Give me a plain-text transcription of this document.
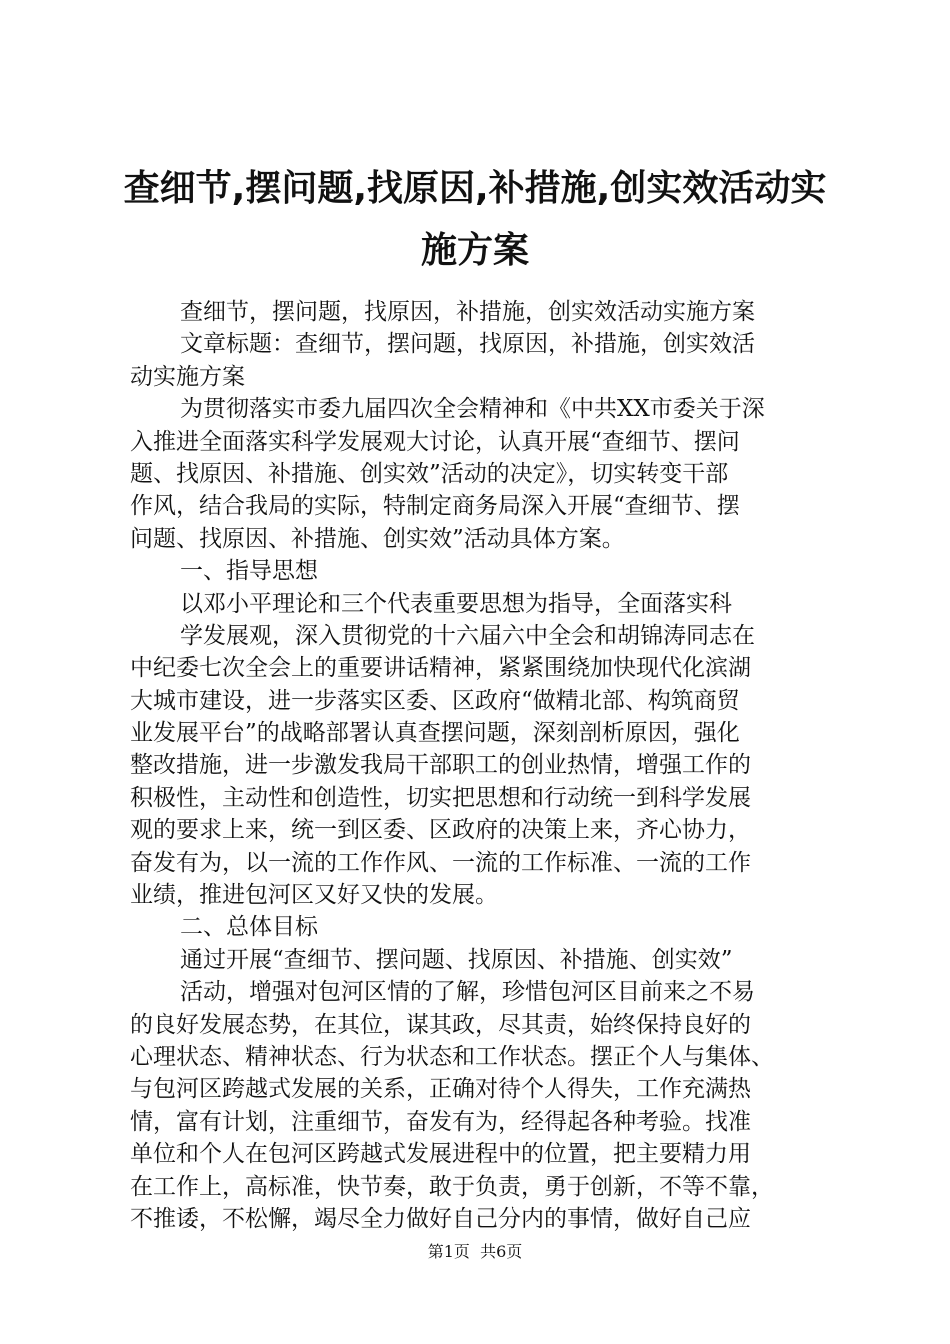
查细节,摆问题,找原因,补措施,创实效活动实
施方案
查细节，摆问题，找原因，补措施，创实效活动实施方案
文章标题：查细节，摆问题，找原因，补措施，创实效活
动实施方案
为贯彻落实市委九届四次全会精神和《中共XX市委关于深
入推进全面落实科学发展观大讨论，认真开展“查细节、摆问
题、找原因、补措施、创实效”活动的决定》，切实转变干部
作风，结合我局的实际，特制定商务局深入开展“查细节、摆
问题、找原因、补措施、创实效”活动具体方案。
一、指导思想
以邓小平理论和三个代表重要思想为指导，全面落实科
学发展观，深入贯彻党的十六届六中全会和胡锦涛同志在
中纪委七次全会上的重要讲话精神，紧紧围绕加快现代化滨湖
大城市建设，进一步落实区委、区政府“做精北部、构筑商贸
业发展平台”的战略部署认真查摆问题，深刻剖析原因，强化
整改措施，进一步激发我局干部职工的创业热情，增强工作的
积极性，主动性和创造性，切实把思想和行动统一到科学发展
观的要求上来，统一到区委、区政府的决策上来，齐心协力，
奋发有为，以一流的工作作风、一流的工作标准、一流的工作
业绩，推进包河区又好又快的发展。
二、总体目标
通过开展“查细节、摆问题、找原因、补措施、创实效”
活动，增强对包河区情的了解，珍惜包河区目前来之不易
的良好发展态势，在其位，谋其政，尽其责，始终保持良好的
心理状态、精神状态、行为状态和工作状态。摆正个人与集体、
与包河区跨越式发展的关系，正确对待个人得失，工作充满热
情，富有计划，注重细节，奋发有为，经得起各种考验。找准
单位和个人在包河区跨越式发展进程中的位置，把主要精力用
在工作上，高标准，快节奏，敢于负责，勇于创新，不等不靠，
不推诿，不松懈，竭尽全力做好自己分内的事情，做好自己应
第1页  共6页
